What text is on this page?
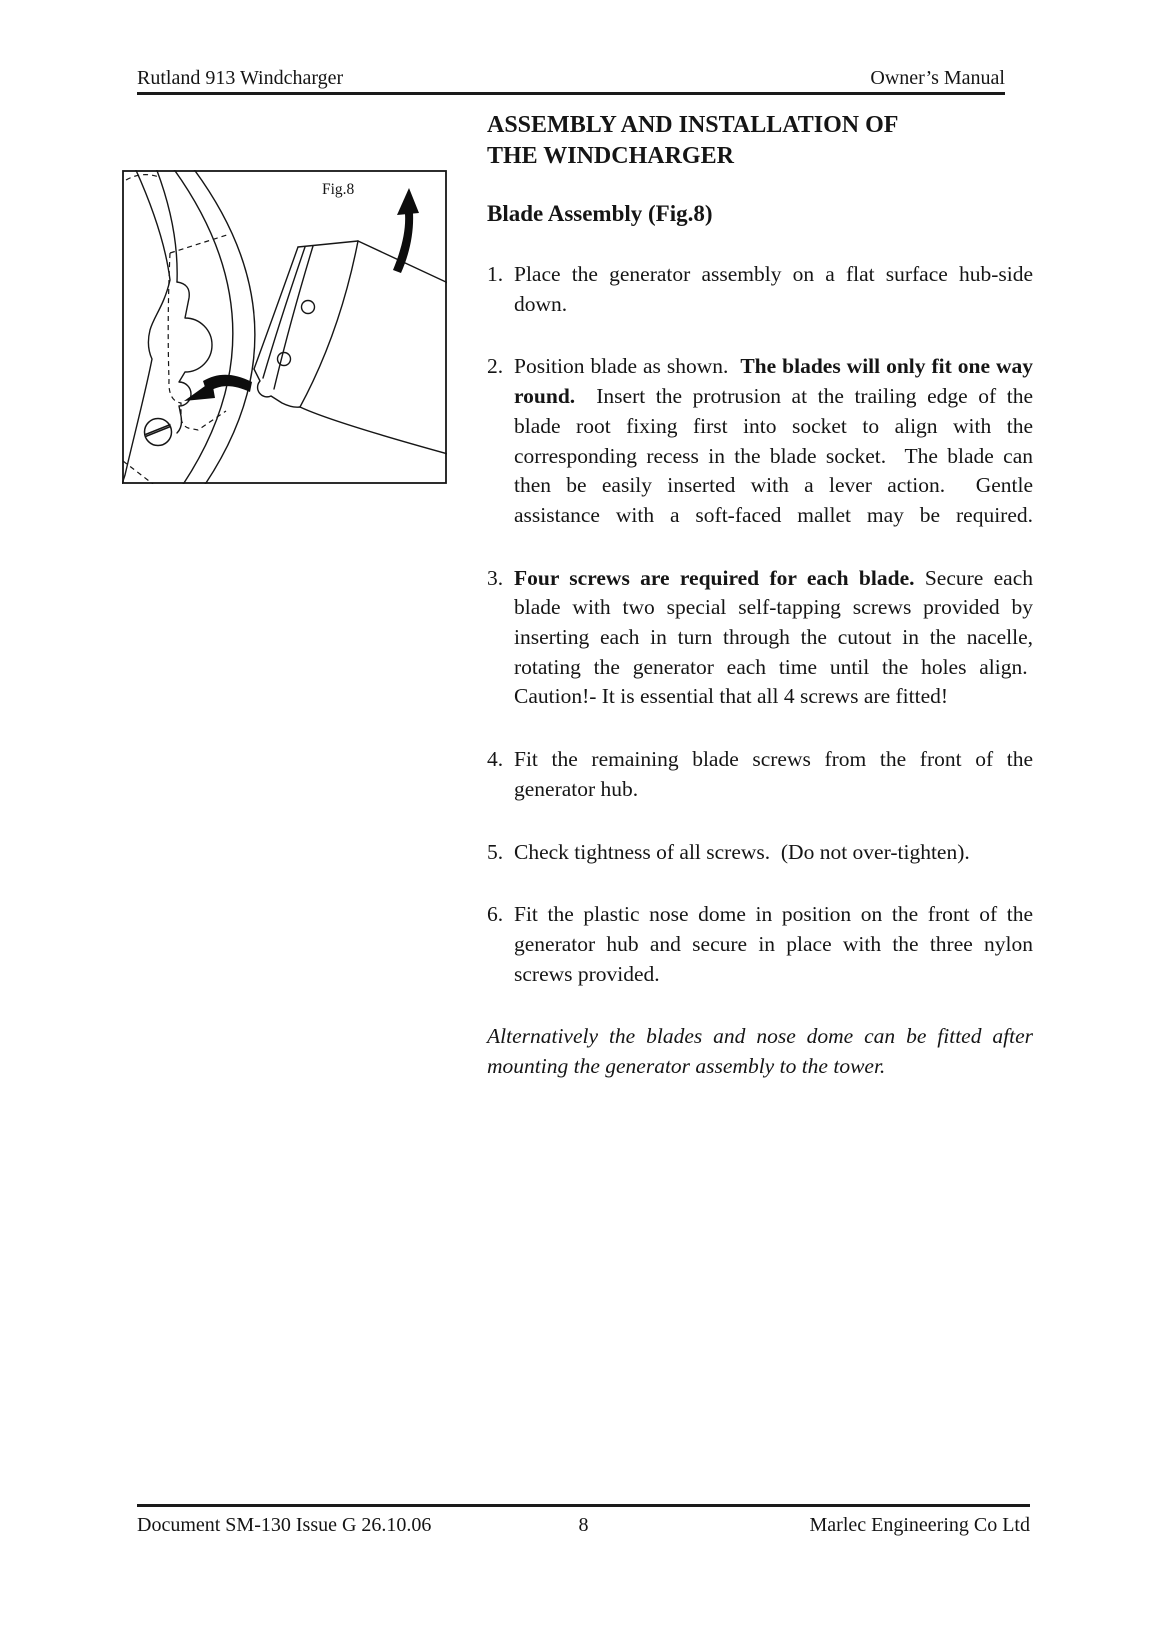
Rutland 913 Windcharger	Owner’s Manual
Fig.8
ASSEMBLY AND INSTALLATION OF
THE WINDCHARGER
Blade Assembly (Fig.8)
1. Place the generator assembly on a flat surface hub-side down.

2. Position blade as shown.  The blades will only fit one way round.  Insert the protrusion at the trailing edge of the blade root fixing first into socket to align with the corresponding recess in the blade socket.  The blade can then be easily inserted with a lever action.  Gentle assistance with a soft-faced mallet may be required.

3. Four screws are required for each blade. Secure each blade with two special self-tapping screws provided by inserting each in turn through the cutout in the nacelle, rotating the generator each time until the holes align.  Caution!- It is essential that all 4 screws are fitted!

4. Fit the remaining blade screws from the front of the generator hub.

5. Check tightness of all screws.  (Do not over-tighten).

6. Fit the plastic nose dome in position on the front of the generator hub and secure in place with the three nylon screws provided.

Alternatively the blades and nose dome can be fitted after mounting the generator assembly to the tower.

Document SM-130 Issue G 26.10.06	8	Marlec Engineering Co Ltd
